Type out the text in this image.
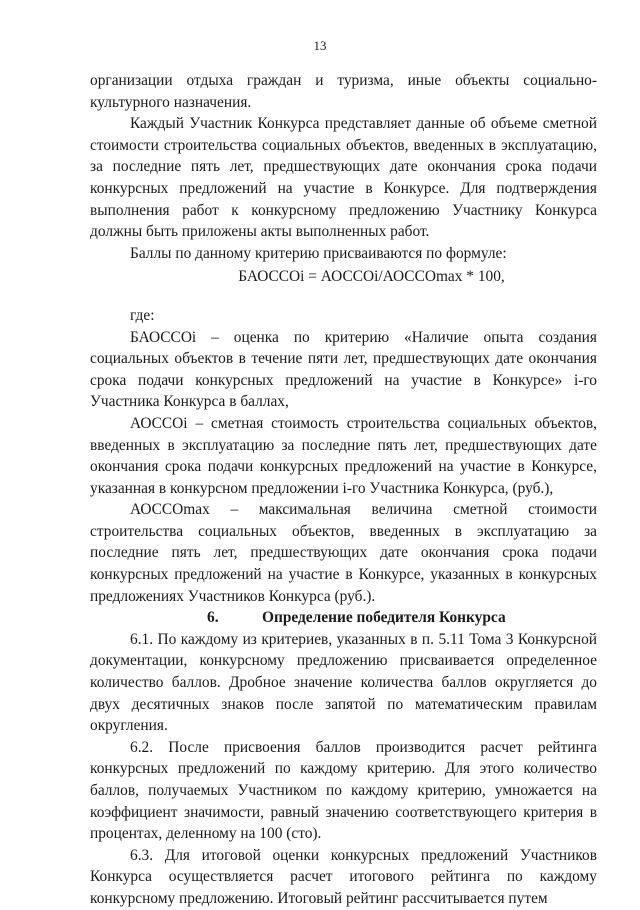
13

организации отдыха граждан и туризма, иные объекты социально-культурного назначения.

Каждый Участник Конкурса представляет данные об объеме сметной стоимости строительства социальных объектов, введенных в эксплуатацию, за последние пять лет, предшествующих дате окончания срока подачи конкурсных предложений на участие в Конкурсе. Для подтверждения выполнения работ к конкурсному предложению Участнику Конкурса должны быть приложены акты выполненных работ.

Баллы по данному критерию присваиваются по формуле:

БАОССОi = АОССОi/АОССОmax * 100,

где:

БАОССОi – оценка по критерию «Наличие опыта создания социальных объектов в течение пяти лет, предшествующих дате окончания срока подачи конкурсных предложений на участие в Конкурсе» i-го Участника Конкурса в баллах,

АОССОi – сметная стоимость строительства социальных объектов, введенных в эксплуатацию за последние пять лет, предшествующих дате окончания срока подачи конкурсных предложений на участие в Конкурсе, указанная в конкурсном предложении i-го Участника Конкурса, (руб.),

АОССОmax – максимальная величина сметной стоимости строительства социальных объектов, введенных в эксплуатацию за последние пять лет, предшествующих дате окончания срока подачи конкурсных предложений на участие в Конкурсе, указанных в конкурсных предложениях Участников Конкурса (руб.).

6.	Определение победителя Конкурса

6.1. По каждому из критериев, указанных в п. 5.11 Тома 3 Конкурсной документации, конкурсному предложению присваивается определенное количество баллов. Дробное значение количества баллов округляется до двух десятичных знаков после запятой по математическим правилам округления.

6.2. После присвоения баллов производится расчет рейтинга конкурсных предложений по каждому критерию. Для этого количество баллов, получаемых Участником по каждому критерию, умножается на коэффициент значимости, равный значению соответствующего критерия в процентах, деленному на 100 (сто).

6.3. Для итоговой оценки конкурсных предложений Участников Конкурса осуществляется расчет итогового рейтинга по каждому конкурсному предложению. Итоговый рейтинг рассчитывается путем
